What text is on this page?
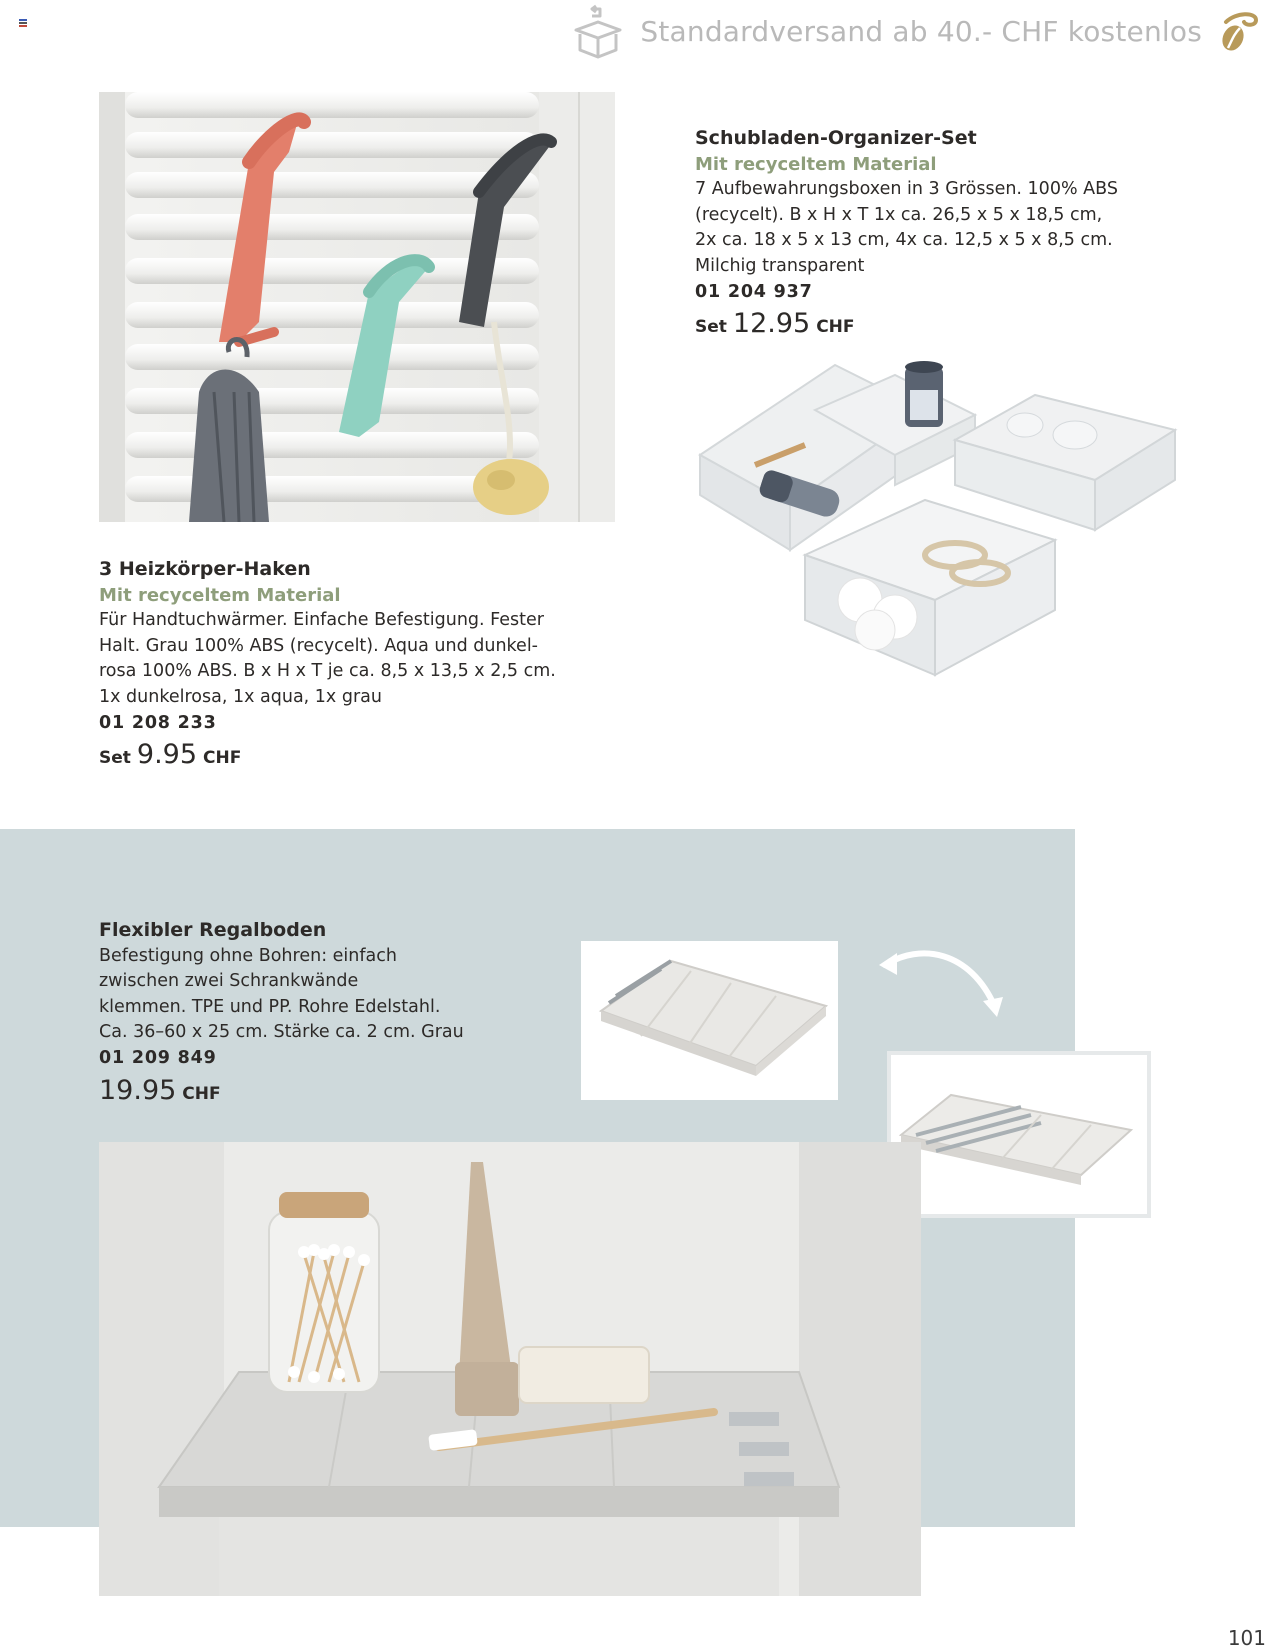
Standardversand ab 40.- CHF kostenlos
Schubladen-Organizer-Set
Mit recyceltem Material
7 Aufbewahrungsboxen in 3 Grössen. 100% ABS
(recycelt). B x H x T 1x ca. 26,5 x 5 x 18,5 cm,
2x ca. 18 x 5 x 13 cm, 4x ca. 12,5 x 5 x 8,5 cm.
Milchig transparent
01 204 937
Set 12.95 CHF
3 Heizkörper-Haken
Mit recyceltem Material
Für Handtuchwärmer. Einfache Befestigung. Fester
Halt. Grau 100% ABS (recycelt). Aqua und dunkel-
rosa 100% ABS. B x H x T je ca. 8,5 x 13,5 x 2,5 cm.
1x dunkelrosa, 1x aqua, 1x grau
01 208 233
Set 9.95 CHF
Flexibler Regalboden
Befestigung ohne Bohren: einfach
zwischen zwei Schrankwände
klemmen. TPE und PP. Rohre Edelstahl.
Ca. 36–60 x 25 cm. Stärke ca. 2 cm. Grau
01 209 849
19.95 CHF
101
